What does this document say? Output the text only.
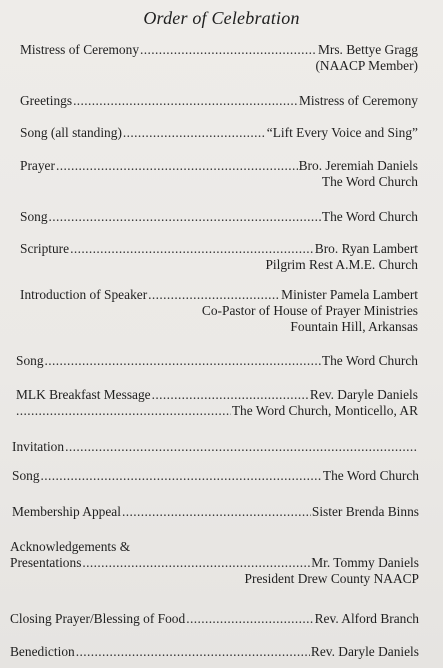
Order of Celebration
Mistress of Ceremony .....	Mrs. Bettye Gragg
(NAACP Member)
Greetings .....	Mistress of Ceremony
Song (all standing) .....	“Lift Every Voice and Sing”
Prayer .....	Bro. Jeremiah Daniels
The Word Church
Song .....	The Word Church
Scripture .....	Bro. Ryan Lambert
Pilgrim Rest A.M.E. Church
Introduction of Speaker .....	Minister Pamela Lambert
Co-Pastor of House of Prayer Ministries
Fountain Hill, Arkansas
Song .....	The Word Church
MLK Breakfast Message .....	Rev. Daryle Daniels
.....
The Word Church, Monticello, AR
Invitation
.....
Song .....	The Word Church
Membership Appeal .....	Sister Brenda Binns
Acknowledgements &
Presentations .....	Mr. Tommy Daniels
President Drew County NAACP
Closing Prayer/Blessing of Food .....	Rev. Alford Branch
Benediction .....	Rev. Daryle Daniels
